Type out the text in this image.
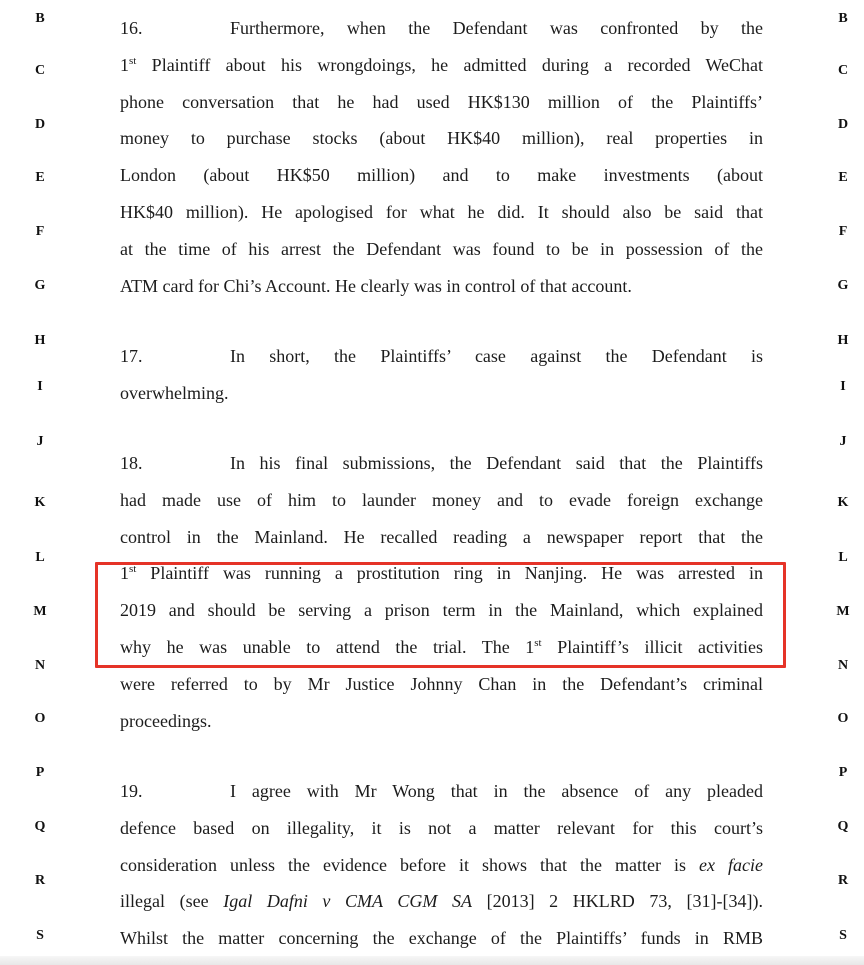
16.	Furthermore, when the Defendant was confronted by the
1st Plaintiff about his wrongdoings, he admitted during a recorded WeChat
phone conversation that he had used HK$130 million of the Plaintiffs’
money to purchase stocks (about HK$40 million), real properties in
London (about HK$50 million) and to make investments (about
HK$40 million). He apologised for what he did. It should also be said that
at the time of his arrest the Defendant was found to be in possession of the
ATM card for Chi’s Account. He clearly was in control of that account.
17.	In short, the Plaintiffs’ case against the Defendant is
overwhelming.
18.	In his final submissions, the Defendant said that the Plaintiffs
had made use of him to launder money and to evade foreign exchange
control in the Mainland. He recalled reading a newspaper report that the
1st Plaintiff was running a prostitution ring in Nanjing. He was arrested in
2019 and should be serving a prison term in the Mainland, which explained
why he was unable to attend the trial. The 1st Plaintiff’s illicit activities
were referred to by Mr Justice Johnny Chan in the Defendant’s criminal
proceedings.
19.	I agree with Mr Wong that in the absence of any pleaded
defence based on illegality, it is not a matter relevant for this court’s
consideration unless the evidence before it shows that the matter is ex facie
illegal (see Igal Dafni v CMA CGM SA [2013] 2 HKLRD 73, [31]-[34]).
Whilst the matter concerning the exchange of the Plaintiffs’ funds in RMB
B	B
C	C
D	D
E	E
F	F
G	G
H	H
I	I
J	J
K	K
L	L
M	M
N	N
O	O
P	P
Q	Q
R	R
S	S
